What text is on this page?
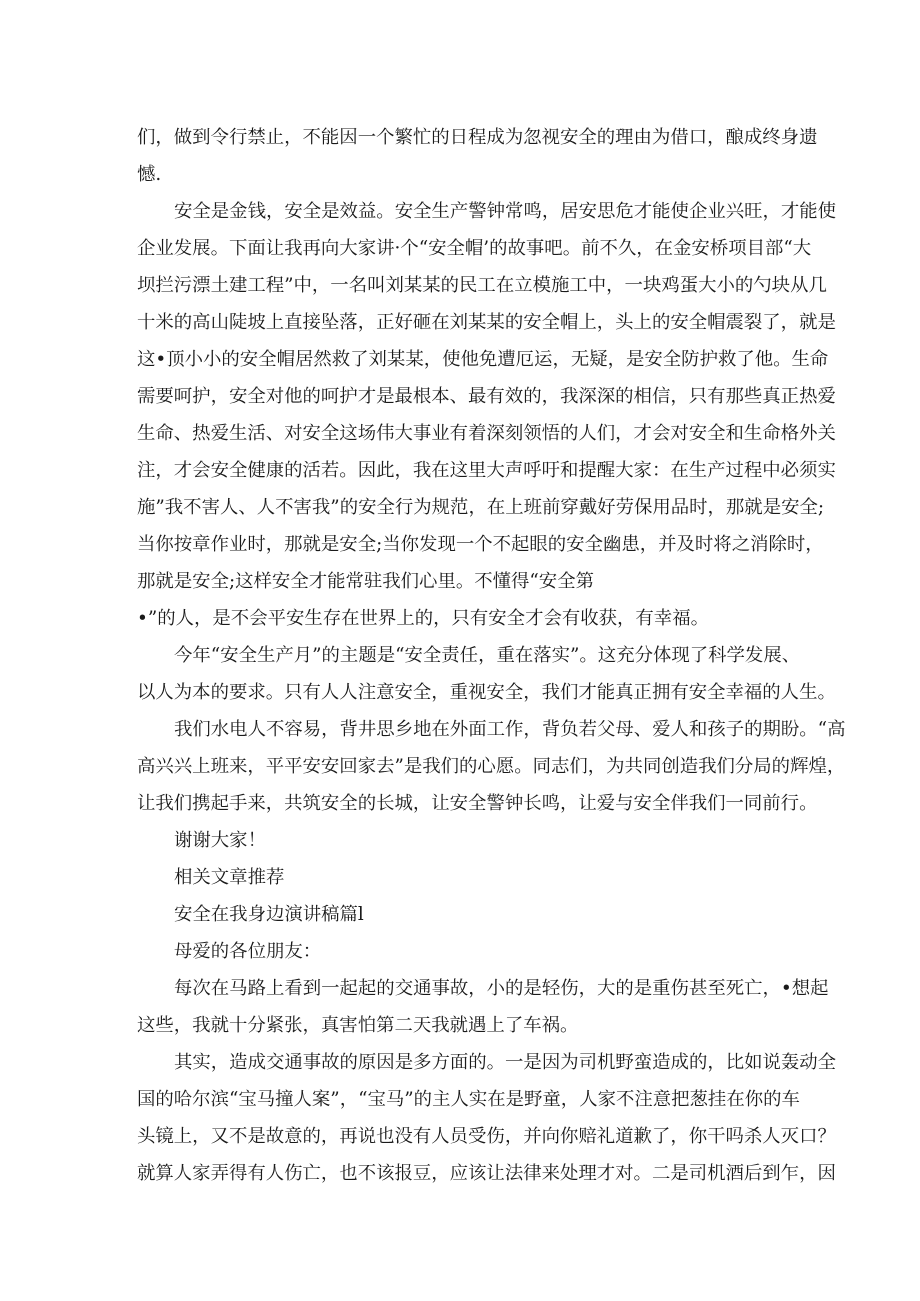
们，做到令行禁止，不能因一个繁忙的日程成为忽视安全的理由为借口，酿成终身遗
憾.

安全是金钱，安全是效益。安全生产警钟常鸣，居安思危才能使企业兴旺，才能使
企业发展。下面让我再向大家讲·个“安全帽’的故事吧。前不久，在金安桥项目部“大
坝拦污漂土建工程”中，一名叫刘某某的民工在立模施工中，一块鸡蛋大小的勺块从几
十米的高山陡坡上直接坠落，正好砸在刘某某的安全帽上，头上的安全帽震裂了，就是
这•顶小小的安全帽居然救了刘某某，使他免遭厄运，无疑，是安全防护救了他。生命
需要呵护，安全对他的呵护才是最根本、最有效的，我深深的相信，只有那些真正热爱
生命、热爱生活、对安全这场伟大事业有着深刻领悟的人们，才会对安全和生命格外关
注，才会安全健康的活若。因此，我在这里大声呼吁和提醒大家：在生产过程中必须实
施”我不害人、人不害我”的安全行为规范，在上班前穿戴好劳保用品时，那就是安全;
当你按章作业时，那就是安全;当你发现一个不起眼的安全幽患，并及时将之消除时，
那就是安全;这样安全才能常驻我们心里。不懂得“安全第
•”的人，是不会平安生存在世界上的，只有安全才会有收获，有幸福。

今年“安全生产月”的主题是“安全责任，重在落实”。这充分体现了科学发展、
以人为本的要求。只有人人注意安全，重视安全，我们才能真正拥有安全幸福的人生。

我们水电人不容易，背井思乡地在外面工作，背负若父母、爱人和孩子的期盼。“高
高兴兴上班来，平平安安回家去”是我们的心愿。同志们，为共同创造我们分局的辉煌，
让我们携起手来，共筑安全的长城，让安全警钟长鸣，让爱与安全伴我们一同前行。

谢谢大家！

相关文章推荐

安全在我身边演讲稿篇l

母爱的各位朋友：

每次在马路上看到一起起的交通事故，小的是轻伤，大的是重伤甚至死亡，•想起
这些，我就十分紧张，真害怕第二天我就遇上了车祸。

其实，造成交通事故的原因是多方面的。一是因为司机野蛮造成的，比如说轰动全
国的哈尔滨“宝马撞人案”，“宝马”的主人实在是野童，人家不注意把葱挂在你的车
头镜上，又不是故意的，再说也没有人员受伤，并向你赔礼道歉了，你干吗杀人灭口？
就算人家弄得有人伤亡，也不该报豆，应该让法律来处理才对。二是司机酒后到乍，因
